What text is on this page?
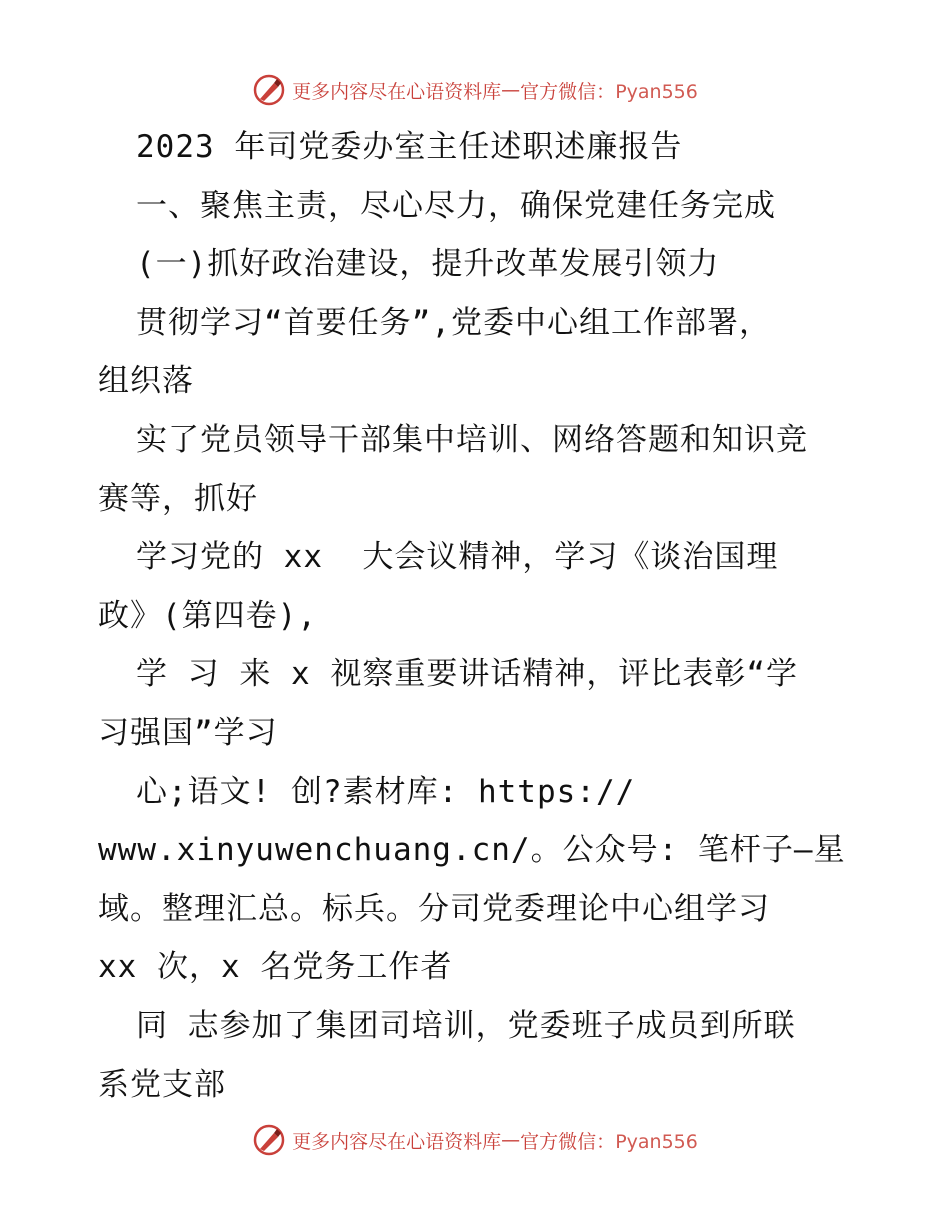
更多内容尽在心语资料库 — 官方微信：Pyan556
2023 年司党委办室主任述职述廉报告
一、聚焦主责，尽心尽力，确保党建任务完成
(一)抓好政治建设，提升改革发展引领力
贯彻学习“首要任务”,党委中心组工作部署，
组织落
实了党员领导干部集中培训、网络答题和知识竞
赛等，抓好
学习党的 xx  大会议精神，学习《谈治国理
政》(第四卷),
学 习 来 x 视察重要讲话精神，评比表彰“学
习强国”学习
心;语文! 创?素材库: https://
www.xinyuwenchuang.cn/。公众号: 笔杆子—星
域。整理汇总。标兵。分司党委理论中心组学习
xx 次，x 名党务工作者
同 志参加了集团司培训，党委班子成员到所联
系党支部
更多内容尽在心语资料库 — 官方微信：Pyan556
